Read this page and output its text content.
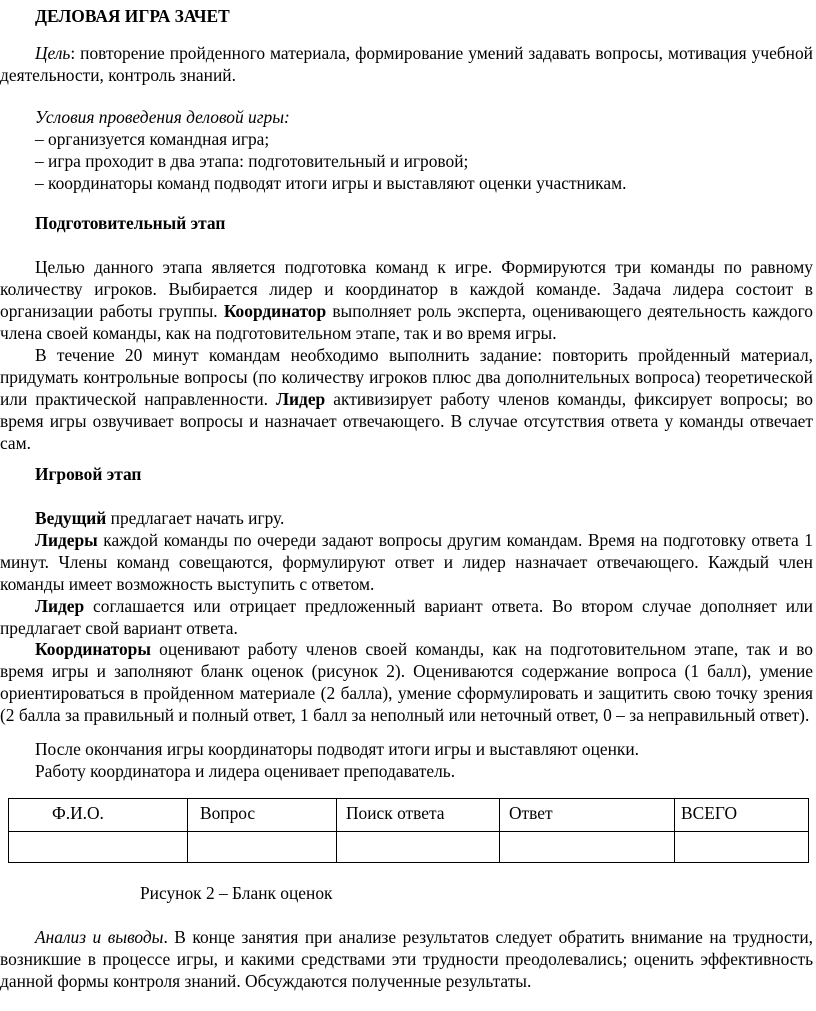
ДЕЛОВАЯ ИГРА ЗАЧЕТ
Цель: повторение пройденного материала, формирование умений задавать вопросы, мотивация учебной деятельности, контроль знаний.
Условия проведения деловой игры:
– организуется командная игра;
– игра проходит в два этапа: подготовительный и игровой;
– координаторы команд подводят итоги игры и выставляют оценки участникам.
Подготовительный этап
Целью данного этапа является подготовка команд к игре. Формируются три команды по равному количеству игроков. Выбирается лидер и координатор в каждой команде. Задача лидера состоит в организации работы группы. Координатор выполняет роль эксперта, оценивающего деятельность каждого члена своей команды, как на подготовительном этапе, так и во время игры.
В течение 20 минут командам необходимо выполнить задание: повторить пройденный материал, придумать контрольные вопросы (по количеству игроков плюс два дополнительных вопроса) теоретической или практической направленности. Лидер активизирует работу членов команды, фиксирует вопросы; во время игры озвучивает вопросы и назначает отвечающего. В случае отсутствия ответа у команды отвечает сам.
Игровой этап
Ведущий предлагает начать игру.
Лидеры каждой команды по очереди задают вопросы другим командам. Время на подготовку ответа 1 минут. Члены команд совещаются, формулируют ответ и лидер назначает отвечающего. Каждый член команды имеет возможность выступить с ответом.
Лидер соглашается или отрицает предложенный вариант ответа. Во втором случае дополняет или предлагает свой вариант ответа.
Координаторы оценивают работу членов своей команды, как на подготовительном этапе, так и во время игры и заполняют бланк оценок (рисунок 2). Оцениваются содержание вопроса (1 балл), умение ориентироваться в пройденном материале (2 балла), умение сформулировать и защитить свою точку зрения (2 балла за правильный и полный ответ, 1 балл за неполный или неточный ответ, 0 – за неправильный ответ).
После окончания игры координаторы подводят итоги игры и выставляют оценки.
Работу координатора и лидера оценивает преподаватель.
Ф.И.О.	Вопрос	Поиск ответа	Ответ	ВСЕГО

Рисунок 2 – Бланк оценок
Анализ и выводы. В конце занятия при анализе результатов следует обратить внимание на трудности, возникшие в процессе игры, и какими средствами эти трудности преодолевались; оценить эффективность данной формы контроля знаний. Обсуждаются полученные результаты.
